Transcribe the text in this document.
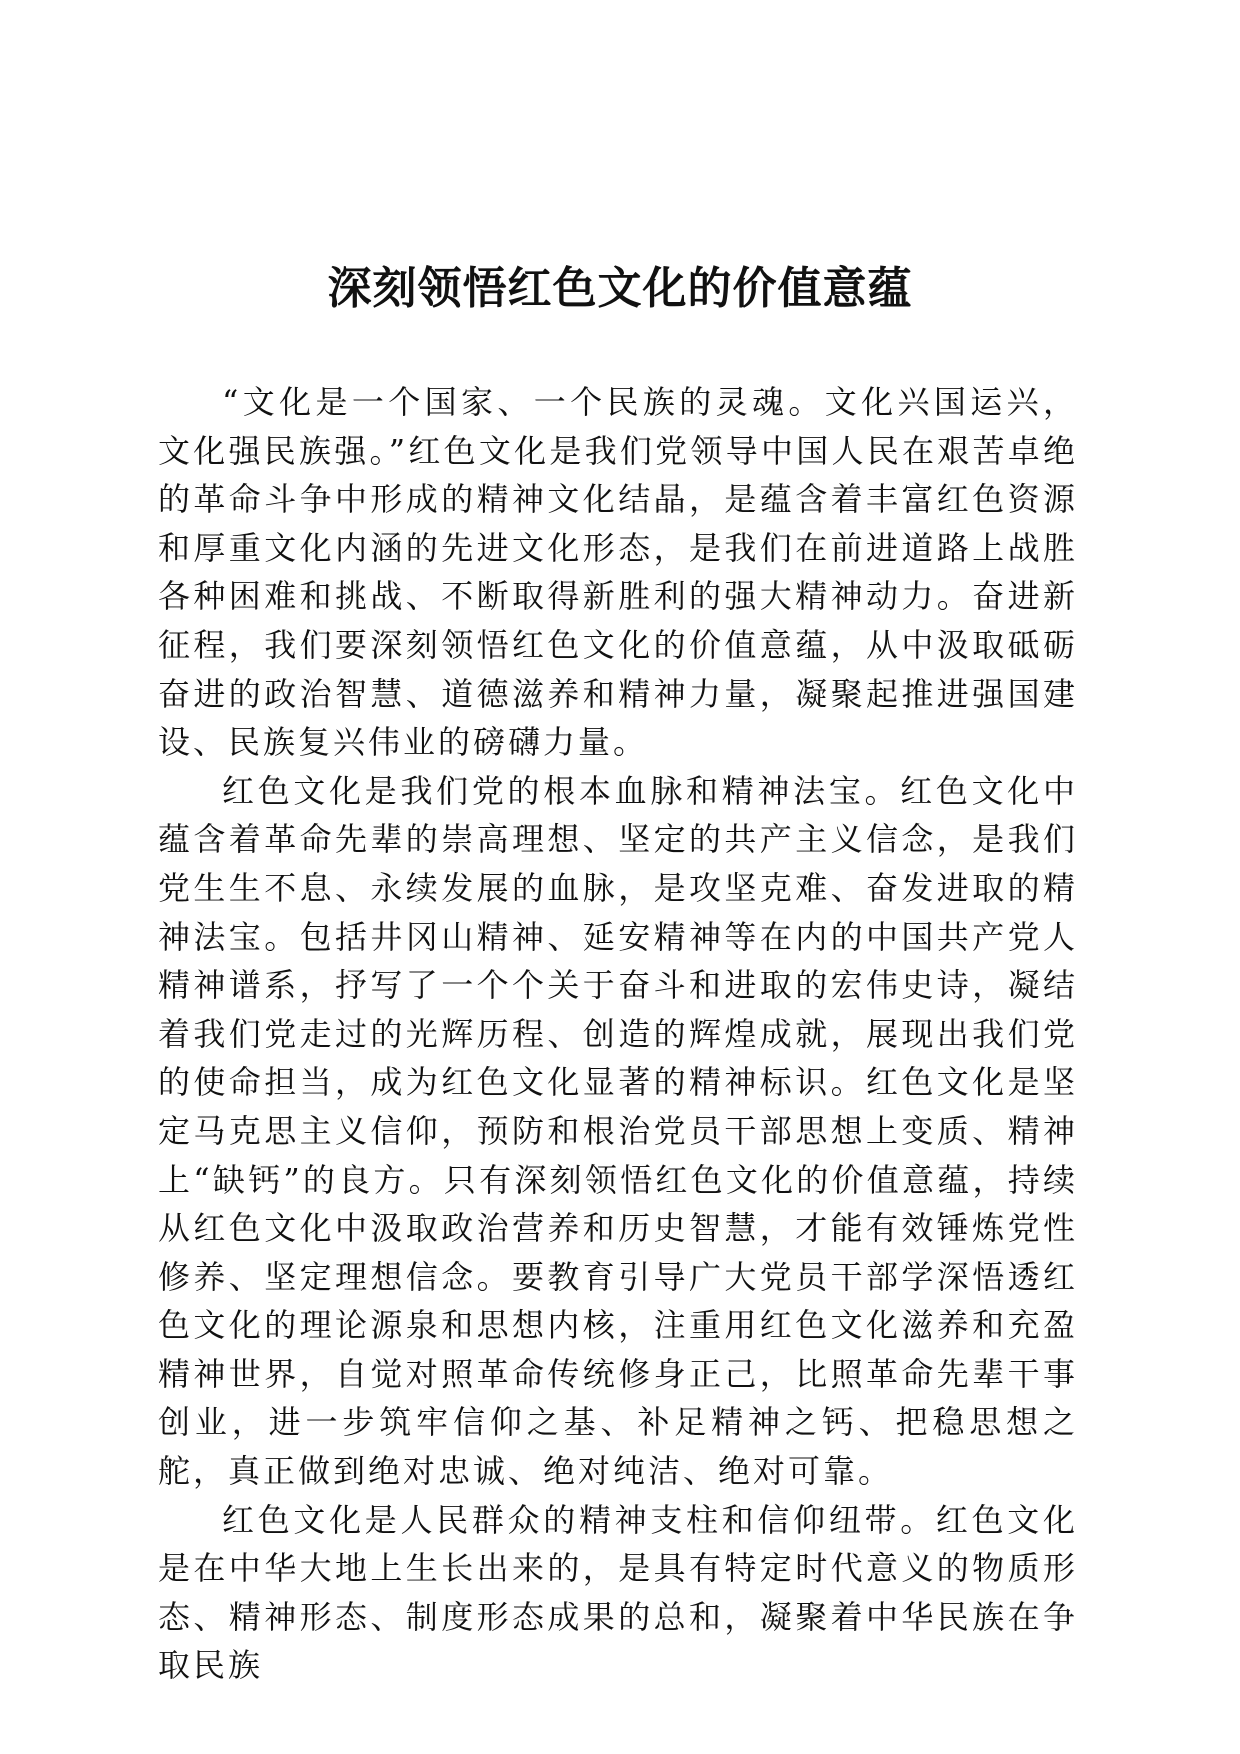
深刻领悟红色文化的价值意蕴

“文化是一个国家、一个民族的灵魂。文化兴国运兴，文化强民族强。”红色文化是我们党领导中国人民在艰苦卓绝的革命斗争中形成的精神文化结晶，是蕴含着丰富红色资源和厚重文化内涵的先进文化形态，是我们在前进道路上战胜各种困难和挑战、不断取得新胜利的强大精神动力。奋进新征程，我们要深刻领悟红色文化的价值意蕴，从中汲取砥砺奋进的政治智慧、道德滋养和精神力量，凝聚起推进强国建设、民族复兴伟业的磅礴力量。

红色文化是我们党的根本血脉和精神法宝。红色文化中蕴含着革命先辈的崇高理想、坚定的共产主义信念，是我们党生生不息、永续发展的血脉，是攻坚克难、奋发进取的精神法宝。包括井冈山精神、延安精神等在内的中国共产党人精神谱系，抒写了一个个关于奋斗和进取的宏伟史诗，凝结着我们党走过的光辉历程、创造的辉煌成就，展现出我们党的使命担当，成为红色文化显著的精神标识。红色文化是坚定马克思主义信仰，预防和根治党员干部思想上变质、精神上“缺钙”的良方。只有深刻领悟红色文化的价值意蕴，持续从红色文化中汲取政治营养和历史智慧，才能有效锤炼党性修养、坚定理想信念。要教育引导广大党员干部学深悟透红色文化的理论源泉和思想内核，注重用红色文化滋养和充盈精神世界，自觉对照革命传统修身正己，比照革命先辈干事创业，进一步筑牢信仰之基、补足精神之钙、把稳思想之舵，真正做到绝对忠诚、绝对纯洁、绝对可靠。

红色文化是人民群众的精神支柱和信仰纽带。红色文化是在中华大地上生长出来的，是具有特定时代意义的物质形态、精神形态、制度形态成果的总和，凝聚着中华民族在争取民族
